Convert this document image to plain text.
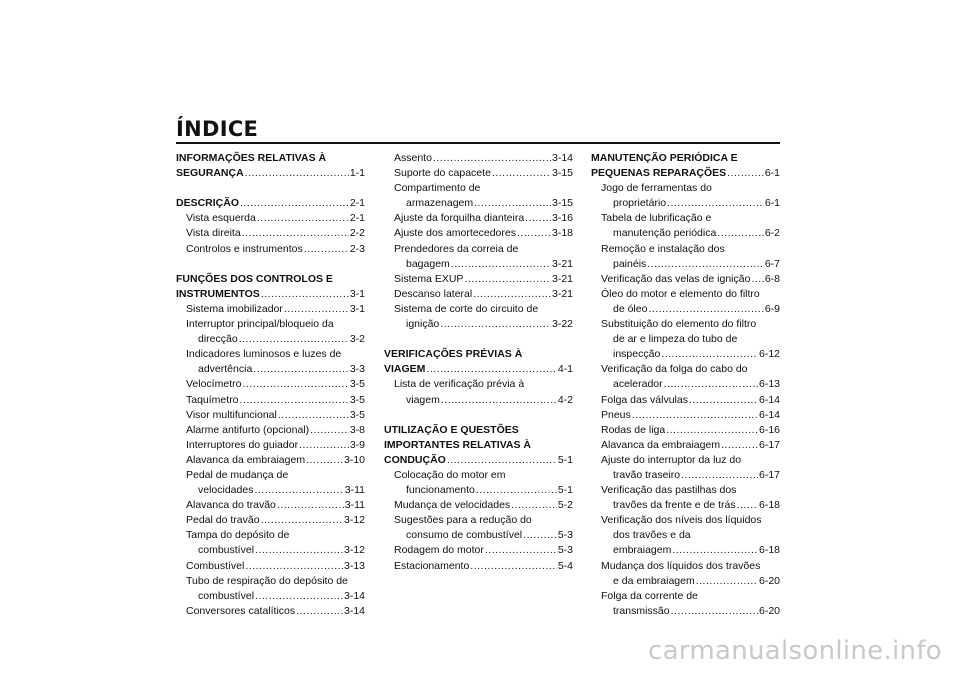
ÍNDICE
INFORMAÇÕES RELATIVAS À
SEGURANÇA .....	1-1
DESCRIÇÃO .....	2-1
Vista esquerda .....	2-1
Vista direita .....	2-2
Controlos e instrumentos .....	2-3
FUNÇÕES DOS CONTROLOS E
INSTRUMENTOS .....	3-1
Sistema imobilizador .....	3-1
Interruptor principal/bloqueio da
direcção .....	3-2
Indicadores luminosos e luzes de
advertência .....	3-3
Velocímetro .....	3-5
Taquímetro .....	3-5
Visor multifuncional .....	3-5
Alarme antifurto (opcional) .....	3-8
Interruptores do guiador .....	3-9
Alavanca da embraiagem .....	3-10
Pedal de mudança de
velocidades .....	3-11
Alavanca do travão .....	3-11
Pedal do travão .....	3-12
Tampa do depósito de
combustível .....	3-12
Combustível .....	3-13
Tubo de respiração do depósito de
combustível .....	3-14
Conversores catalíticos .....	3-14
Assento .....	3-14
Suporte do capacete .....	3-15
Compartimento de
armazenagem .....	3-15
Ajuste da forquilha dianteira .....	3-16
Ajuste dos amortecedores .....	3-18
Prendedores da correia de
bagagem .....	3-21
Sistema EXUP .....	3-21
Descanso lateral .....	3-21
Sistema de corte do circuito de
ignição .....	3-22
VERIFICAÇÕES PRÉVIAS À
VIAGEM .....	4-1
Lista de verificação prévia à
viagem .....	4-2
UTILIZAÇÃO E QUESTÕES
IMPORTANTES RELATIVAS À
CONDUÇÃO .....	5-1
Colocação do motor em
funcionamento .....	5-1
Mudança de velocidades .....	5-2
Sugestões para a redução do
consumo de combustível .....	5-3
Rodagem do motor .....	5-3
Estacionamento .....	5-4
MANUTENÇÃO PERIÓDICA E
PEQUENAS REPARAÇÕES .....	6-1
Jogo de ferramentas do
proprietário .....	6-1
Tabela de lubrificação e
manutenção periódica .....	6-2
Remoção e instalação dos
painéis .....	6-7
Verificação das velas de ignição ..... 6-8
Óleo do motor e elemento do filtro
de óleo .....	6-9
Substituição do elemento do filtro
de ar e limpeza do tubo de
inspecção .....	6-12
Verificação da folga do cabo do
acelerador .....	6-13
Folga das válvulas .....	6-14
Pneus .....	6-14
Rodas de liga .....	6-16
Alavanca da embraiagem .....	6-17
Ajuste do interruptor da luz do
travão traseiro .....	6-17
Verificação das pastilhas dos
travões da frente e de trás ..... 6-18
Verificação dos níveis dos líquidos
dos travões e da
embraiagem .....	6-18
Mudança dos líquidos dos travões
e da embraiagem .....	6-20
Folga da corrente de
transmissão .....	6-20
carmanualsonline.info
